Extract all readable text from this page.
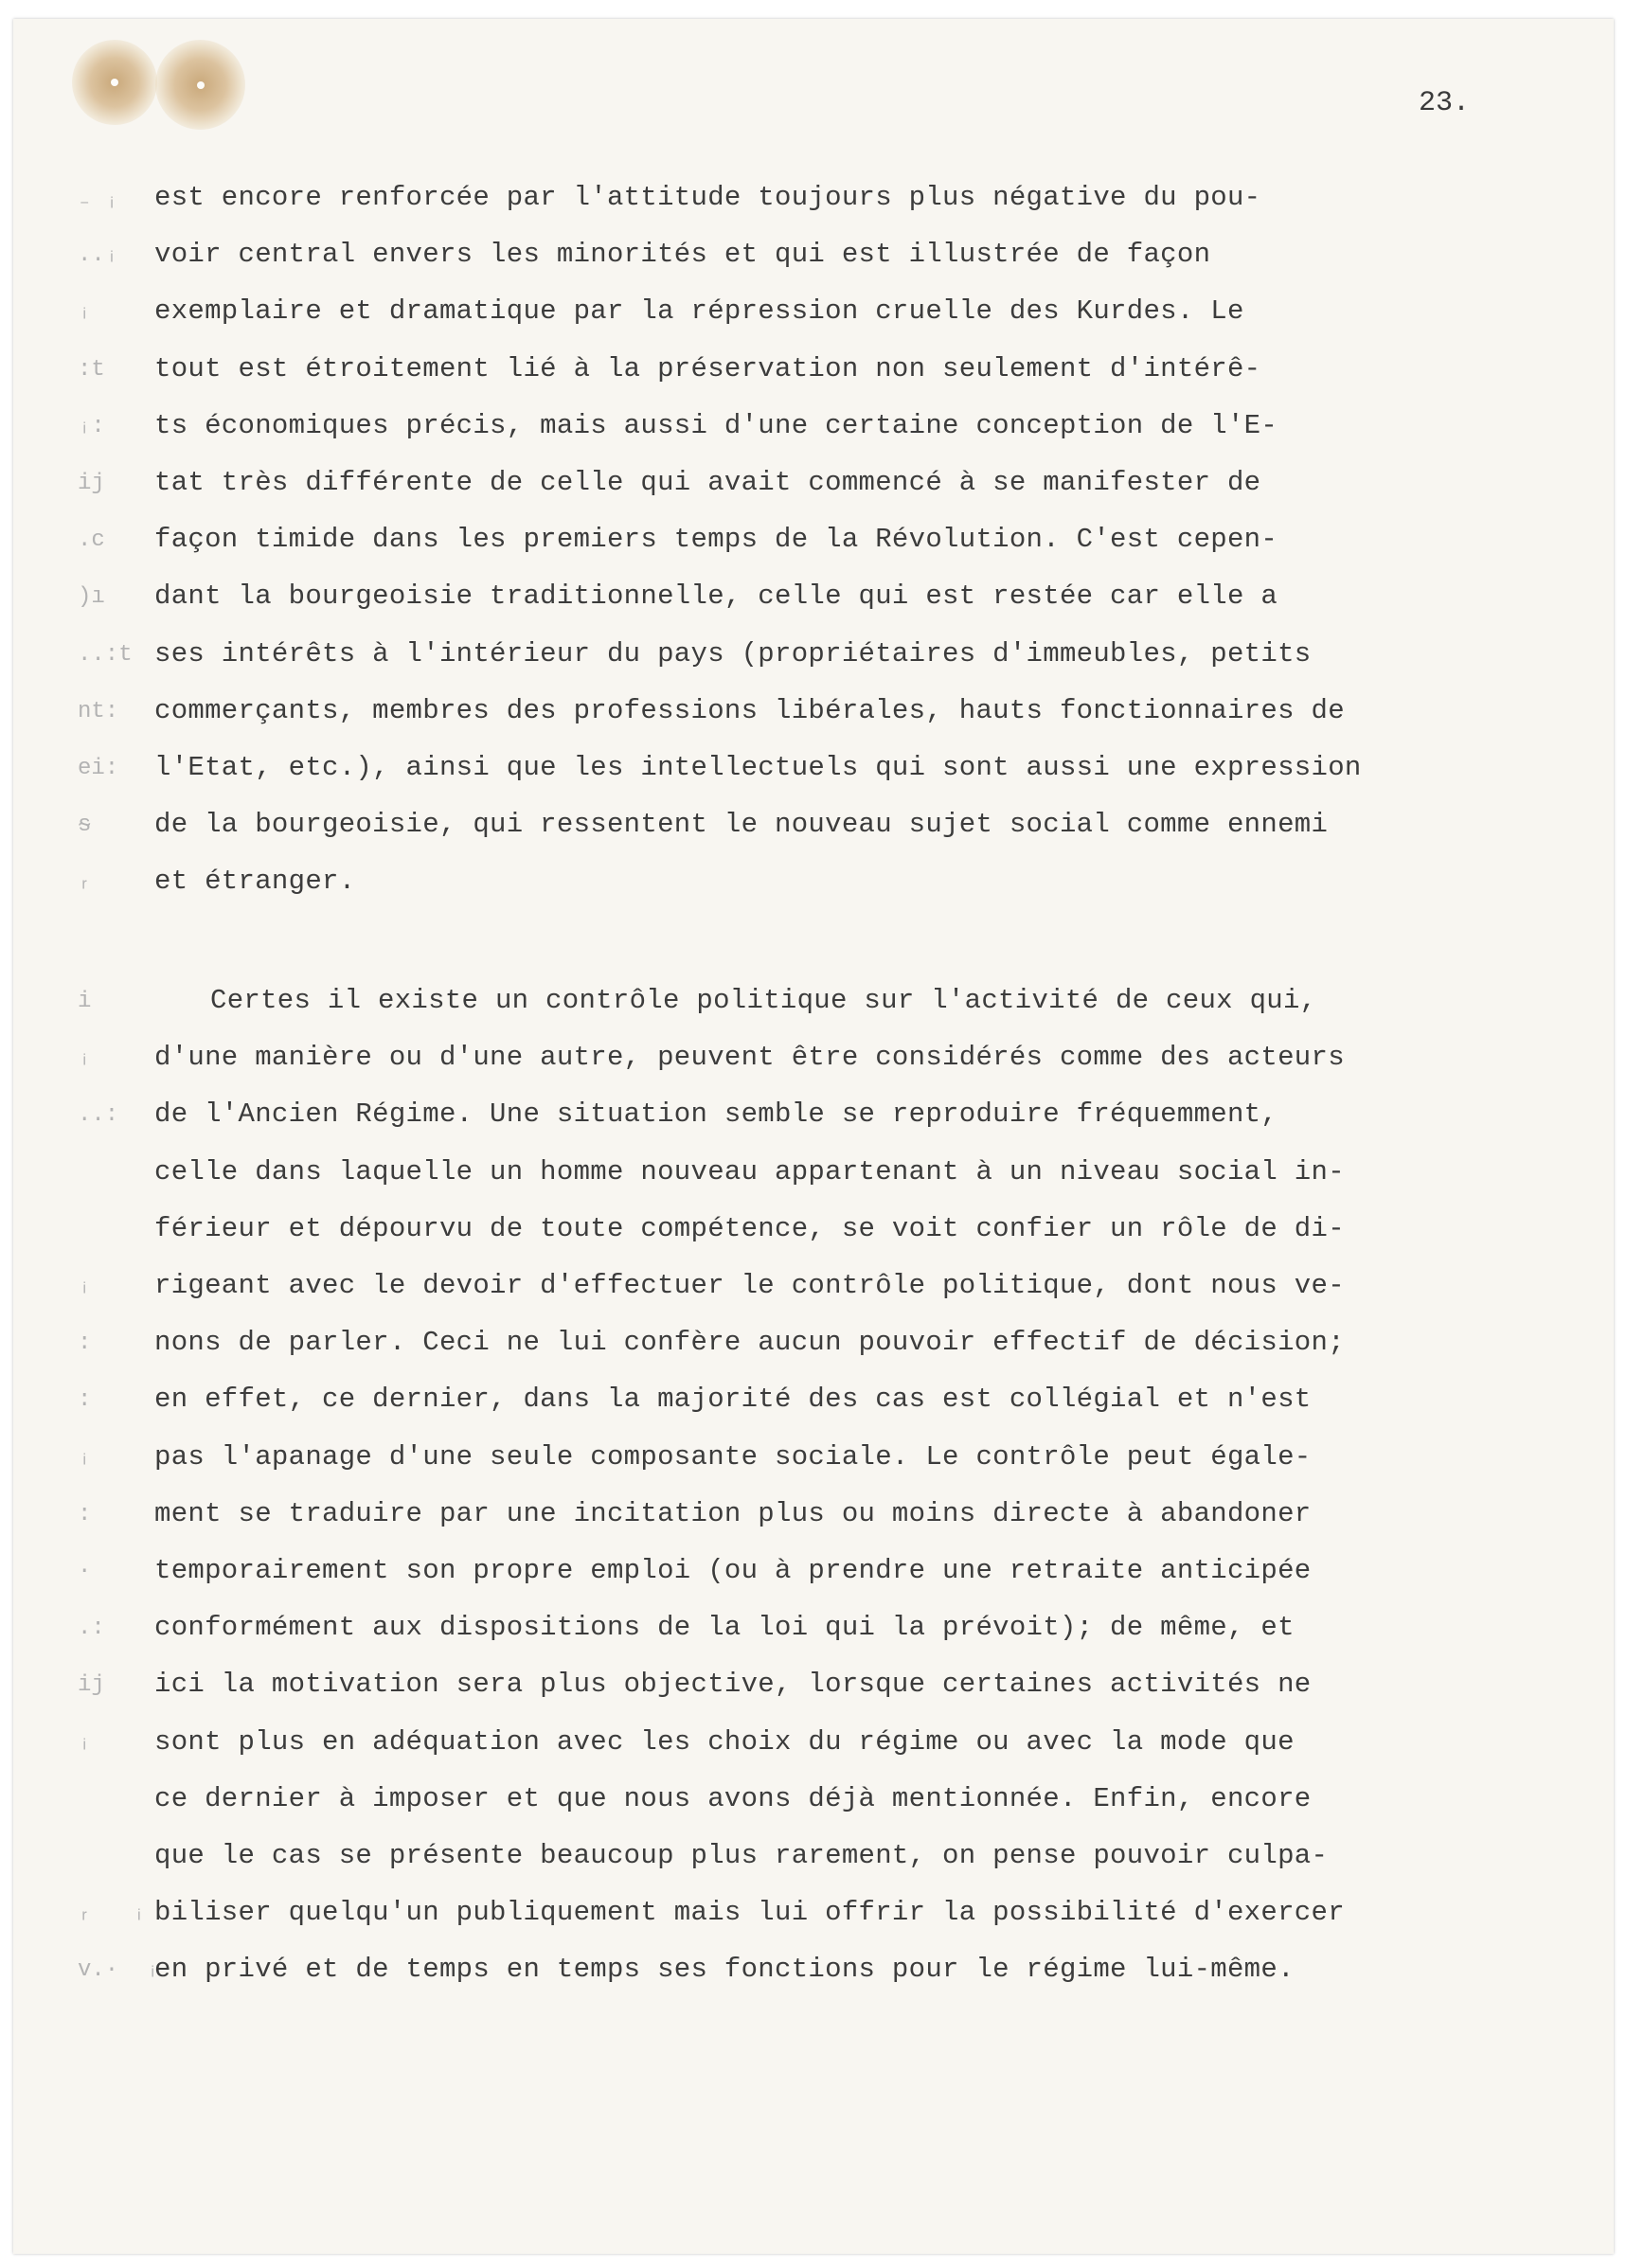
23.
est encore renforcée par l'attitude toujours plus négative du pou-
voir central envers les minorités et qui est illustrée de façon
exemplaire et dramatique par la répression cruelle des Kurdes. Le
tout est étroitement lié à la préservation non seulement d'intérê-
ts économiques précis, mais aussi d'une certaine conception de l'E-
tat très différente de celle qui avait commencé à se manifester de
façon timide dans les premiers temps de la Révolution. C'est cepen-
dant la bourgeoisie traditionnelle, celle qui est restée car elle a
ses intérêts à l'intérieur du pays (propriétaires d'immeubles, petits
commerçants, membres des professions libérales, hauts fonctionnaires de
l'Etat, etc.), ainsi que les intellectuels qui sont aussi une expression
de la bourgeoisie, qui ressentent le nouveau sujet social comme ennemi
et étranger.
Certes il existe un contrôle politique sur l'activité de ceux qui,
d'une manière ou d'une autre, peuvent être considérés comme des acteurs
de l'Ancien Régime. Une situation semble se reproduire fréquemment,
celle dans laquelle un homme nouveau appartenant à un niveau social in-
férieur et dépourvu de toute compétence, se voit confier un rôle de di-
rigeant avec le devoir d'effectuer le contrôle politique, dont nous ve-
nons de parler. Ceci ne lui confère aucun pouvoir effectif de décision;
en effet, ce dernier, dans la majorité des cas est collégial et n'est
pas l'apanage d'une seule composante sociale. Le contrôle peut égale-
ment se traduire par une incitation plus ou moins directe à abandoner
temporairement son propre emploi (ou à prendre une retraite anticipée
conformément aux dispositions de la loi qui la prévoit); de même, et
ici la motivation sera plus objective, lorsque certaines activités ne
sont plus en adéquation avec les choix du régime ou avec la mode que
ce dernier à imposer et que nous avons déjà mentionnée. Enfin, encore
que le cas se présente beaucoup plus rarement, on pense pouvoir culpa-
biliser quelqu'un publiquement mais lui offrir la possibilité d'exercer
en privé et de temps en temps ses fonctions pour le régime lui-même.
₋ ᵢ
..ᵢ
ᵢ
:t
ᵢ:
ij
.c
)ı
..:t
nt:
ei:
ᵴ
ᵣ
i
ᵢ
..:
ᵢ
:
:
ᵢ
:
·
.:
ij
ᵢ
ᵣ   ᵢ
v.·  ᵢ
